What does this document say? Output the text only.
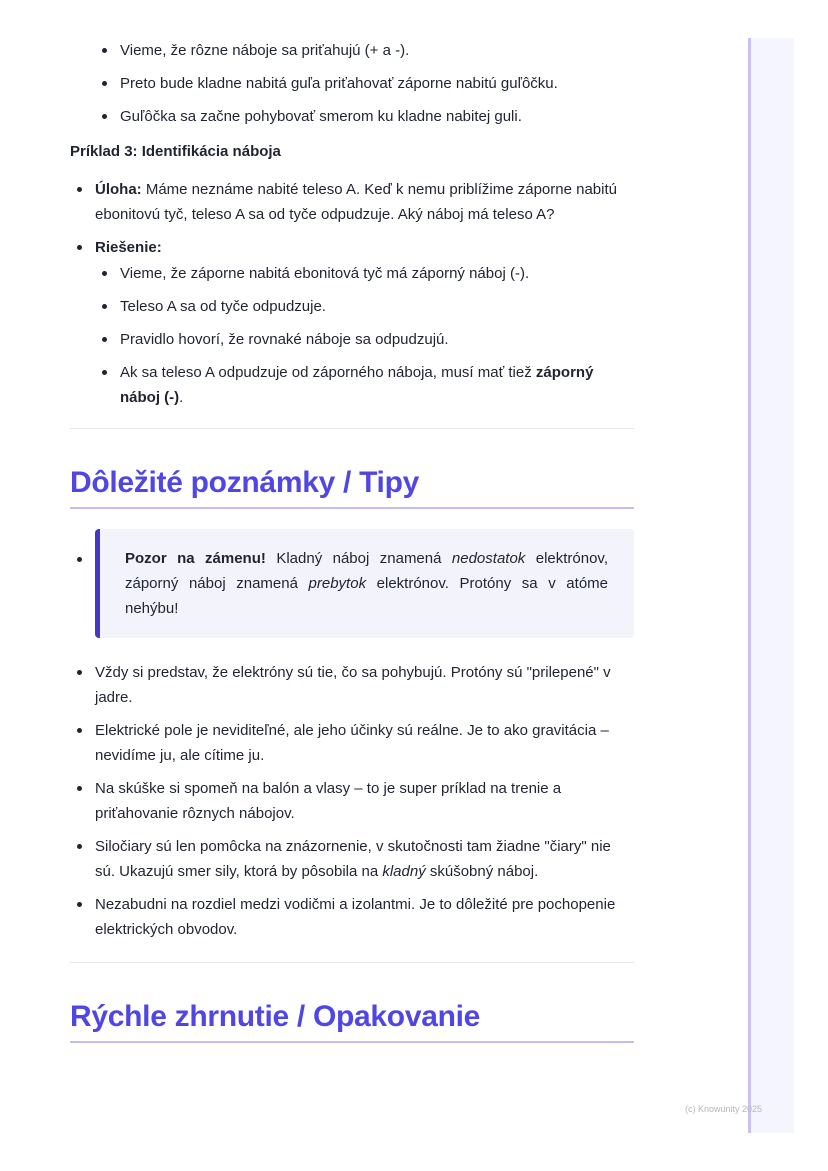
Vieme, že rôzne náboje sa priťahujú (+ a -).
Preto bude kladne nabitá guľa priťahovať záporne nabitú guľôčku.
Guľôčka sa začne pohybovať smerom ku kladne nabitej guli.
Príklad 3: Identifikácia náboja
Úloha: Máme neznáme nabité teleso A. Keď k nemu priblížime záporne nabitú ebonitovú tyč, teleso A sa od tyče odpudzuje. Aký náboj má teleso A?
Riešenie:
Vieme, že záporne nabitá ebonitová tyč má záporný náboj (-).
Teleso A sa od tyče odpudzuje.
Pravidlo hovorí, že rovnaké náboje sa odpudzujú.
Ak sa teleso A odpudzuje od záporného náboja, musí mať tiež záporný náboj (-).
Dôležité poznámky / Tipy
Pozor na zámenu! Kladný náboj znamená nedostatok elektrónov, záporný náboj znamená prebytok elektrónov. Protóny sa v atóme nehýbu!
Vždy si predstav, že elektróny sú tie, čo sa pohybujú. Protóny sú "prilepené" v jadre.
Elektrické pole je neviditeľné, ale jeho účinky sú reálne. Je to ako gravitácia – nevidíme ju, ale cítime ju.
Na skúške si spomeň na balón a vlasy – to je super príklad na trenie a priťahovanie rôznych nábojov.
Siločiary sú len pomôcka na znázornenie, v skutočnosti tam žiadne "čiary" nie sú. Ukazujú smer sily, ktorá by pôsobila na kladný skúšobný náboj.
Nezabudni na rozdiel medzi vodičmi a izolantmi. Je to dôležité pre pochopenie elektrických obvodov.
Rýchle zhrnutie / Opakovanie
(c) Knowunity 2025
